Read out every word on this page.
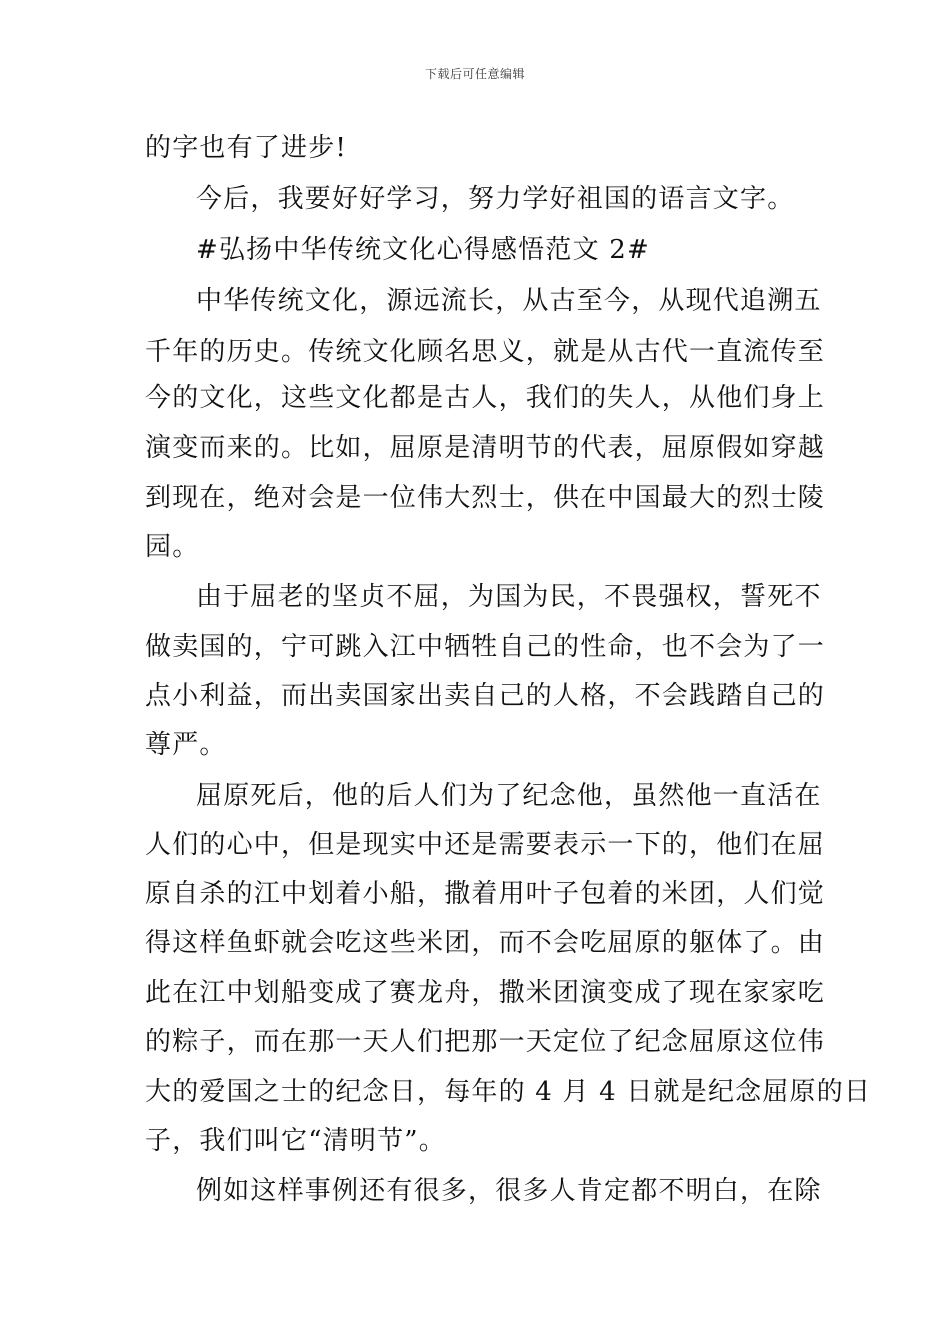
下载后可任意编辑
的字也有了进步!
今后，我要好好学习，努力学好祖国的语言文字。
#弘扬中华传统文化心得感悟范文 2#
中华传统文化，源远流长，从古至今，从现代追溯五
千年的历史。传统文化顾名思义，就是从古代一直流传至
今的文化，这些文化都是古人，我们的失人，从他们身上
演变而来的。比如，屈原是清明节的代表，屈原假如穿越
到现在，绝对会是一位伟大烈士，供在中国最大的烈士陵
园。
由于屈老的坚贞不屈，为国为民，不畏强权，誓死不
做卖国的，宁可跳入江中牺牲自己的性命，也不会为了一
点小利益，而出卖国家出卖自己的人格，不会践踏自己的
尊严。
屈原死后，他的后人们为了纪念他，虽然他一直活在
人们的心中，但是现实中还是需要表示一下的，他们在屈
原自杀的江中划着小船，撒着用叶子包着的米团，人们觉
得这样鱼虾就会吃这些米团，而不会吃屈原的躯体了。由
此在江中划船变成了赛龙舟，撒米团演变成了现在家家吃
的粽子，而在那一天人们把那一天定位了纪念屈原这位伟
大的爱国之士的纪念日，每年的 4 月 4 日就是纪念屈原的日
子，我们叫它“清明节”。
例如这样事例还有很多，很多人肯定都不明白，在除
